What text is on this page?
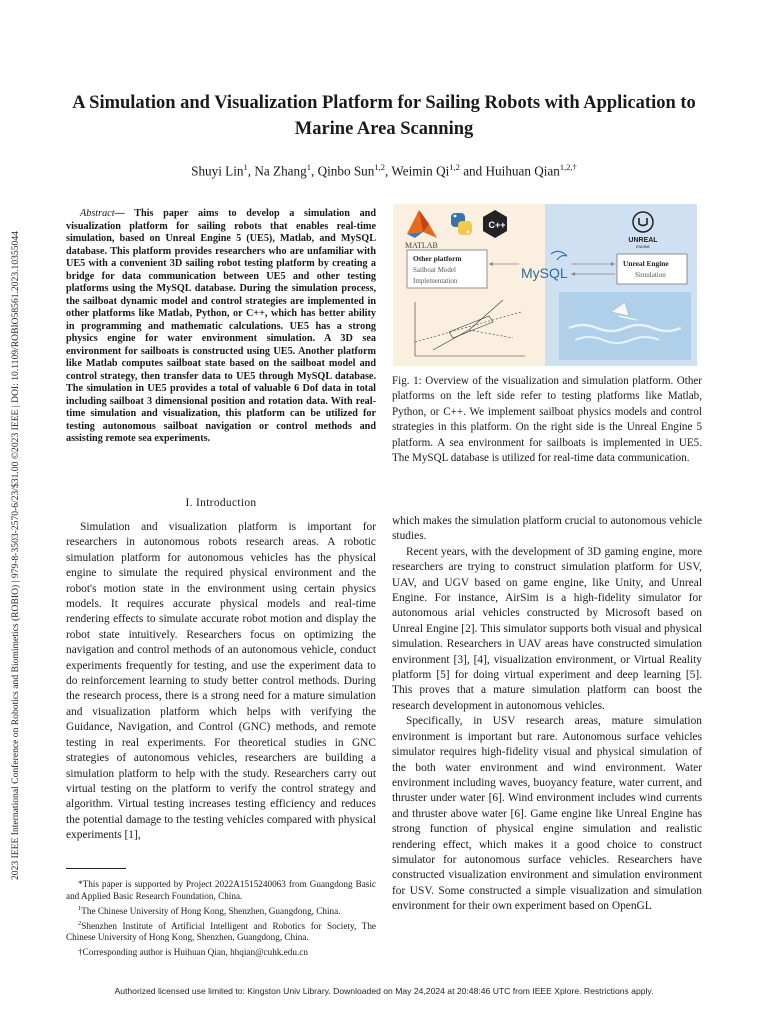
2023 IEEE International Conference on Robotics and Biomimetics (ROBIO) | 979-8-3503-2570-6/23/$31.00 ©2023 IEEE | DOI: 10.1109/ROBIO58561.2023.10355044
A Simulation and Visualization Platform for Sailing Robots with Application to Marine Area Scanning
Shuyi Lin$^1$, Na Zhang$^1$, Qinbo Sun$^{1,2}$, Weimin Qi$^{1,2}$ and Huihuan Qian$^{1,2,\dagger}$
Abstract— This paper aims to develop a simulation and visualization platform for sailing robots that enables real-time simulation, based on Unreal Engine 5 (UE5), Matlab, and MySQL database. This platform provides researchers who are unfamiliar with UE5 with a convenient 3D sailing robot testing platform by creating a bridge for data communication between UE5 and other testing platforms using the MySQL database. During the simulation process, the sailboat dynamic model and control strategies are implemented in other platforms like Matlab, Python, or C++, which has better ability in programming and mathematic calculations. UE5 has a strong physics engine for water environment simulation. A 3D sea environment for sailboats is constructed using UE5. Another platform like Matlab computes sailboat state based on the sailboat model and control strategy, then transfer data to UE5 through MySQL database. The simulation in UE5 provides a total of valuable 6 Dof data in total including sailboat 3 dimensional position and rotation data. With real-time simulation and visualization, this platform can be utilized for testing autonomous sailboat navigation or control methods and assisting remote sea experiments.
I. Introduction
Simulation and visualization platform is important for researchers in autonomous robots research areas. A robotic simulation platform for autonomous vehicles has the physical engine to simulate the required physical environment and the robot's motion state in the environment using certain physics models. It requires accurate physical models and real-time rendering effects to simulate accurate robot motion and display the robot state intuitively. Researchers focus on optimizing the navigation and control methods of an autonomous vehicle, conduct experiments frequently for testing, and use the experiment data to do reinforcement learning to study better control methods. During the research process, there is a strong need for a mature simulation and visualization platform which helps with verifying the Guidance, Navigation, and Control (GNC) methods, and remote testing in real experiments. For theoretical studies in GNC strategies of autonomous vehicles, researchers are building a simulation platform to help with the study. Researchers carry out virtual testing on the platform to verify the control strategy and algorithm. Virtual testing increases testing efficiency and reduces the potential damage to the testing vehicles compared with physical experiments [1],

*This paper is supported by Project 2022A1515240063 from Guangdong Basic and Applied Basic Research Foundation, China.

$^1$The Chinese University of Hong Kong, Shenzhen, Guangdong, China.

$^2$Shenzhen Institute of Artificial Intelligent and Robotics for Society, The Chinese University of Hong Kong, Shenzhen, Guangdong, China.

†Corresponding author is Huihuan Qian, hhqian@cuhk.edu.cn

MATLAB
C++
Other platform
Sailboat Model
Implementation	MySQL
UNREAL
ENGINE
Unreal Engine
Simulation
Fig. 1: Overview of the visualization and simulation platform. Other platforms on the left side refer to testing platforms like Matlab, Python, or C++. We implement sailboat physics models and control strategies in this platform. On the right side is the Unreal Engine 5 platform. A sea environment for sailboats is implemented in UE5. The MySQL database is utilized for real-time data communication.

which makes the simulation platform crucial to autonomous vehicle studies.

Recent years, with the development of 3D gaming engine, more researchers are trying to construct simulation platform for USV, UAV, and UGV based on game engine, like Unity, and Unreal Engine. For instance, AirSim is a high-fidelity simulator for autonomous arial vehicles constructed by Microsoft based on Unreal Engine [2]. This simulator supports both visual and physical simulation. Researchers in UAV areas have constructed simulation environment [3], [4], visualization environment, or Virtual Reality platform [5] for doing virtual experiment and deep learning [5]. This proves that a mature simulation platform can boost the research development in autonomous vehicles.

Specifically, in USV research areas, mature simulation environment is important but rare. Autonomous surface vehicles simulator requires high-fidelity visual and physical simulation of the both water environment and wind environment. Water environment including waves, buoyancy feature, water current, and thruster under water [6]. Wind environment includes wind currents and thruster above water [6]. Game engine like Unreal Engine has strong function of physical engine simulation and realistic rendering effect, which makes it a good choice to construct simulator for autonomous surface vehicles. Researchers have constructed visualization environment and simulation environment for USV. Some constructed a simple visualization and simulation environment for their own experiment based on OpenGL

Authorized licensed use limited to: Kingston Univ Library. Downloaded on May 24,2024 at 20:48:46 UTC from IEEE Xplore. Restrictions apply.
